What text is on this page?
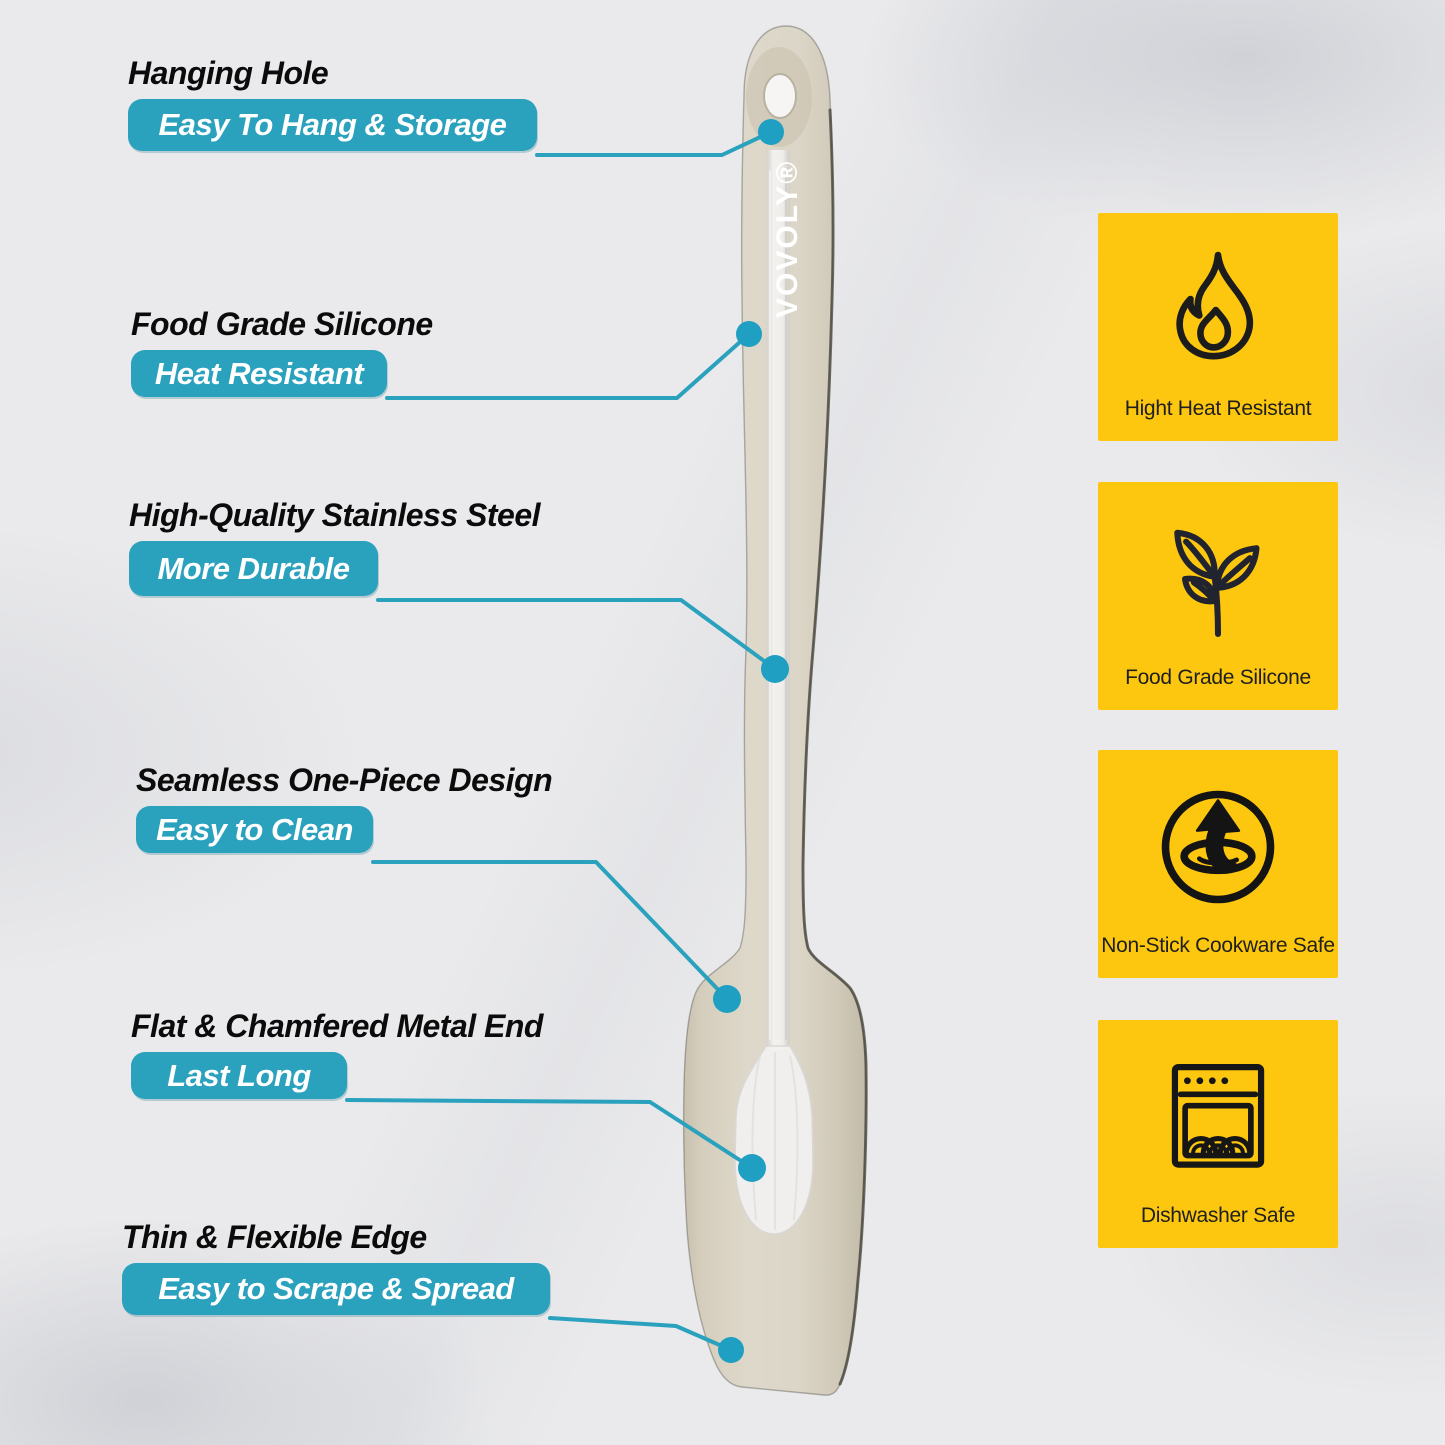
VOVOLY®
Hanging Hole
Easy To Hang & Storage
Food Grade Silicone
Heat Resistant
High-Quality Stainless Steel
More Durable
Seamless One-Piece Design
Easy to Clean
Flat & Chamfered Metal End
Last Long
Thin & Flexible Edge
Easy to Scrape & Spread
Hight Heat Resistant
Food Grade Silicone
Non-Stick Cookware Safe
Dishwasher Safe
